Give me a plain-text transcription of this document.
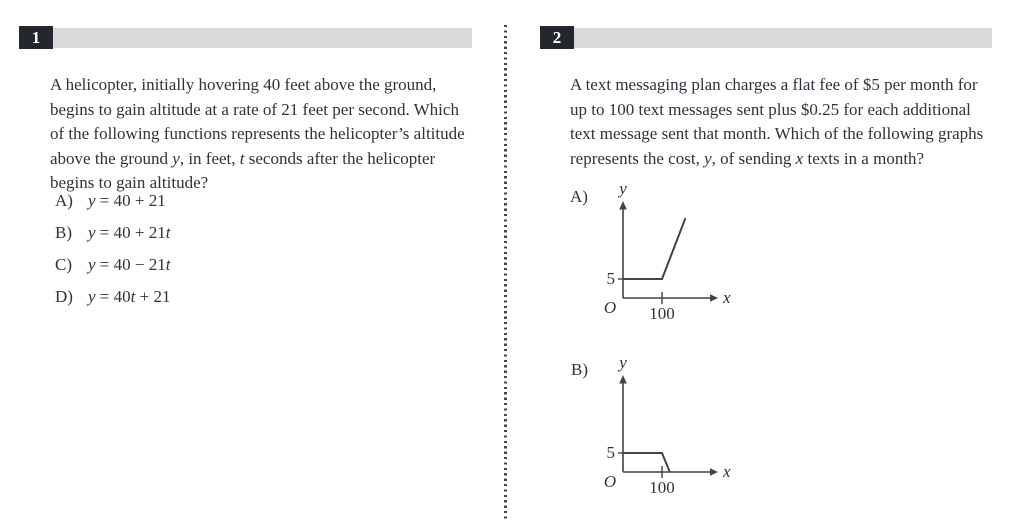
1

A helicopter, initially hovering 40 feet above the ground, begins to gain altitude at a rate of 21 feet per second. Which of the following functions represents the helicopter’s altitude above the ground y, in feet, t seconds after the helicopter begins to gain altitude?

A) y = 40 + 21
B) y = 40 + 21t
C) y = 40 − 21t
D) y = 40t + 21
2

A text messaging plan charges a flat fee of $5 per month for up to 100 text messages sent plus $0.25 for each additional text message sent that month. Which of the following graphs represents the cost, y, of sending x texts in a month?

A)
100
5
y
x
O
B)
100
5
y
x
O
